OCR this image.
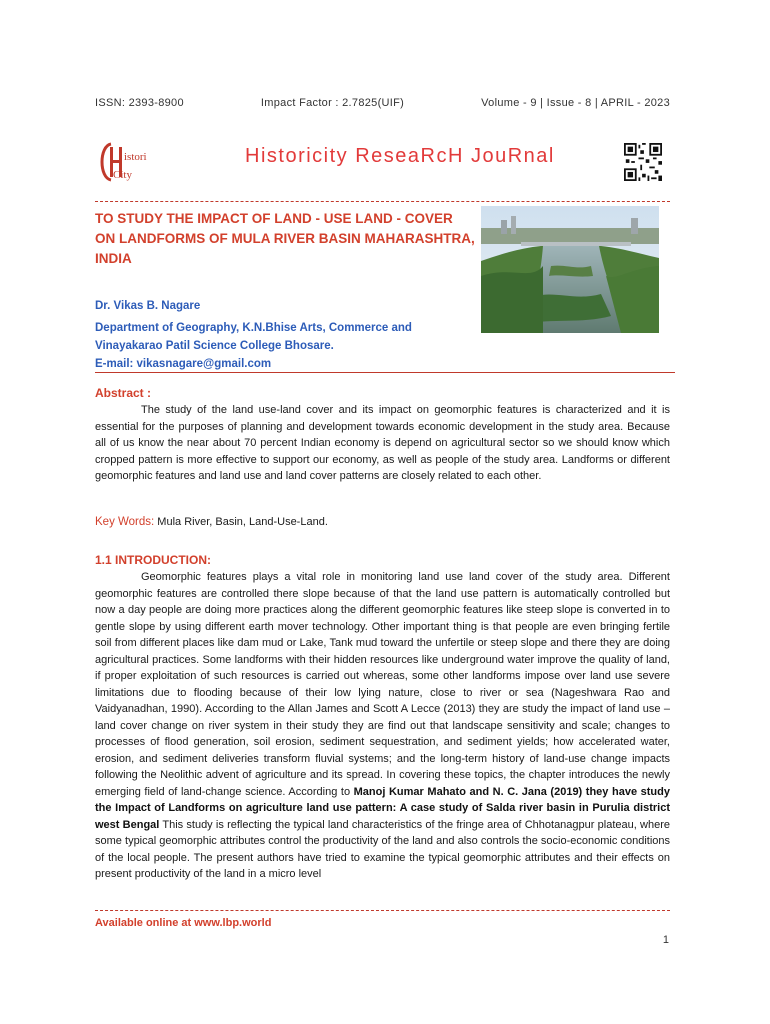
ISSN: 2393-8900	Impact Factor : 2.7825(UIF)	Volume - 9 | Issue - 8 | APRIL - 2023
istori
City
Historicity ReseaRcH JouRnal
TO STUDY THE IMPACT OF LAND - USE LAND - COVER ON LANDFORMS OF MULA RIVER BASIN MAHARASHTRA, INDIA
Dr. Vikas B. Nagare
Department of Geography, K.N.Bhise Arts, Commerce and
Vinayakarao Patil Science College Bhosare.
E-mail: vikasnagare@gmail.com
Abstract :
The study of the land use-land cover and its impact on geomorphic features is characterized and it is essential for the purposes of planning and development towards economic development in the study area. Because all of us know the near about 70 percent Indian economy is depend on agricultural sector so we should know which cropped pattern is more effective to support our economy, as well as people of the study area. Landforms or different geomorphic features and land use and land cover patterns are closely related to each other.
Key Words: Mula River, Basin, Land-Use-Land.
1.1 INTRODUCTION:
Geomorphic features plays a vital role in monitoring land use land cover of the study area. Different geomorphic features are controlled there slope because of that the land use pattern is automatically controlled but now a day people are doing more practices along the different geomorphic features like steep slope is converted in to gentle slope by using different earth mover technology. Other important thing is that people are even bringing fertile soil from different places like dam mud or Lake, Tank mud toward the unfertile or steep slope and there they are doing agricultural practices. Some landforms with their hidden resources like underground water improve the quality of land, if proper exploitation of such resources is carried out whereas, some other landforms impose over land use severe limitations due to flooding because of their low lying nature, close to river or sea (Nageshwara Rao and Vaidyanadhan, 1990). According to the Allan James and Scott A Lecce (2013) they are study the impact of land use – land cover change on river system in their study they are find out that landscape sensitivity and scale; changes to processes of flood generation, soil erosion, sediment sequestration, and sediment yields; how accelerated water, erosion, and sediment deliveries transform fluvial systems; and the long-term history of land-use change impacts following the Neolithic advent of agriculture and its spread. In covering these topics, the chapter introduces the newly emerging field of land-change science. According to Manoj Kumar Mahato and N. C. Jana (2019) they have study the Impact of Landforms on agriculture land use pattern: A case study of Salda river basin in Purulia district west Bengal This study is reflecting the typical land characteristics of the fringe area of Chhotanagpur plateau, where some typical geomorphic attributes control the productivity of the land and also controls the socio-economic conditions of the local people. The present authors have tried to examine the typical geomorphic attributes and their effects on present productivity of the land in a micro level
Available online at www.lbp.world
1
